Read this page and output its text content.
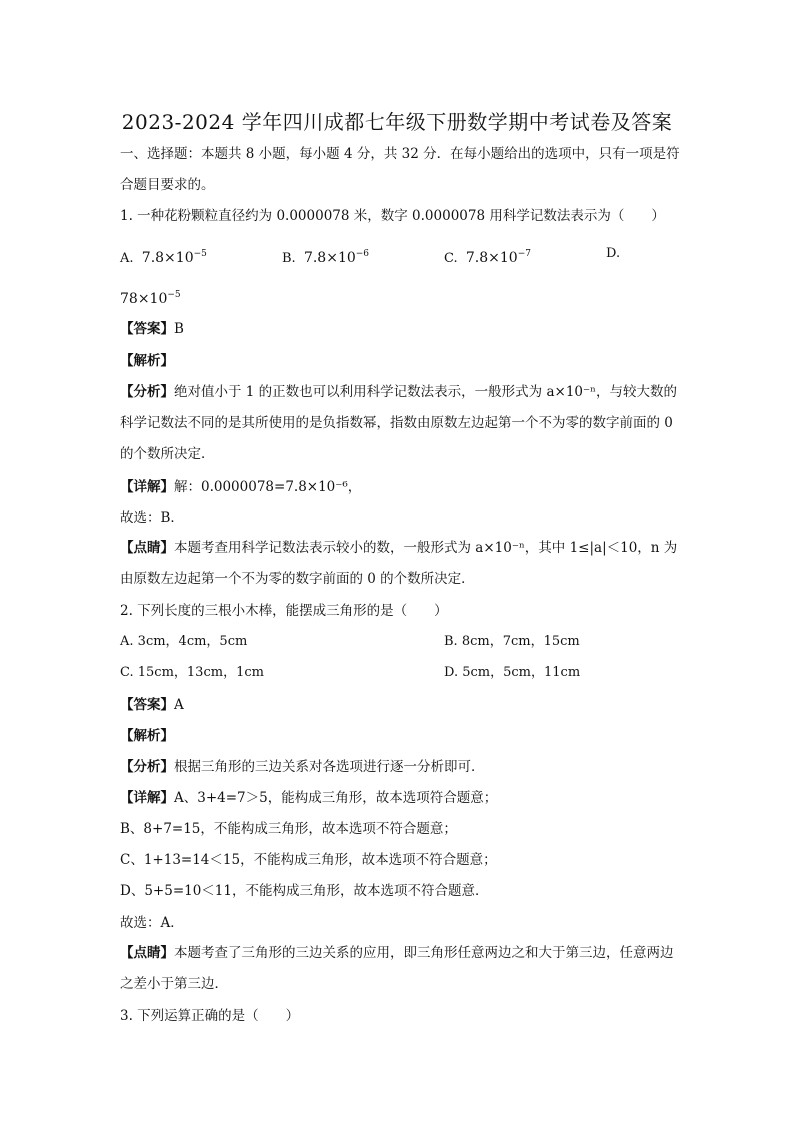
2023-2024 学年四川成都七年级下册数学期中考试卷及答案
一、选择题：本题共 8 小题，每小题 4 分，共 32 分．在每小题给出的选项中，只有一项是符合题目要求的。
1. 一种花粉颗粒直径约为 0.0000078 米，数字 0.0000078 用科学记数法表示为（　　）
A. $7.8\times 10^{-5}$	B. $7.8\times 10^{-6}$	C. $7.8\times 10^{-7}$	D.
$78\times 10^{-5}$
【答案】B
【解析】
【分析】绝对值小于 1 的正数也可以利用科学记数法表示，一般形式为 a×10⁻ⁿ，与较大数的科学记数法不同的是其所使用的是负指数幂，指数由原数左边起第一个不为零的数字前面的 0 的个数所决定．
【详解】解：0.0000078=7.8×10⁻⁶，
故选：B．
【点睛】本题考查用科学记数法表示较小的数，一般形式为 a×10⁻ⁿ，其中 1≤|a|＜10，n 为由原数左边起第一个不为零的数字前面的 0 的个数所决定．
2. 下列长度的三根小木棒，能摆成三角形的是（　　）
A. 3cm，4cm，5cm	B. 8cm，7cm，15cm
C. 15cm，13cm，1cm	D. 5cm，5cm，11cm
【答案】A
【解析】
【分析】根据三角形的三边关系对各选项进行逐一分析即可．
【详解】A、3+4=7＞5，能构成三角形，故本选项符合题意；
B、8+7=15，不能构成三角形，故本选项不符合题意；
C、1+13=14＜15，不能构成三角形，故本选项不符合题意；
D、5+5=10＜11，不能构成三角形，故本选项不符合题意．
故选：A．
【点睛】本题考查了三角形的三边关系的应用，即三角形任意两边之和大于第三边，任意两边之差小于第三边．
3. 下列运算正确的是（　　）
